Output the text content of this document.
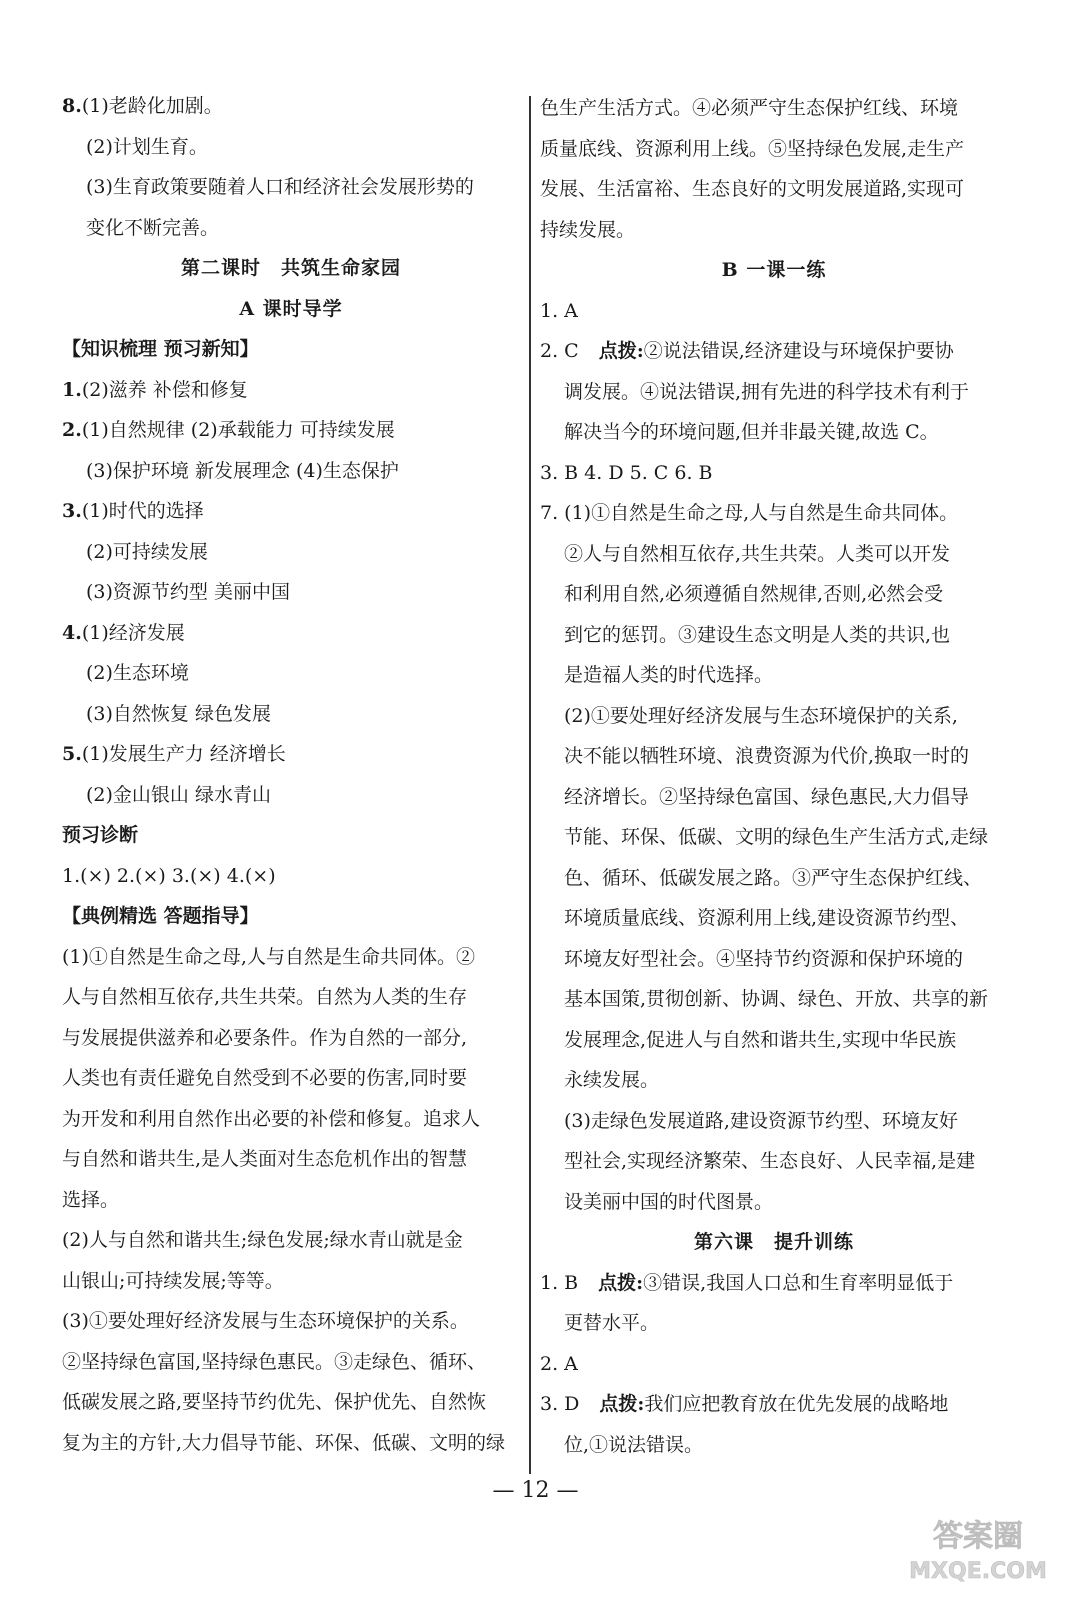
8.(1)老龄化加剧。

(2)计划生育。

(3)生育政策要随着人口和经济社会发展形势的

变化不断完善。

第二课时 共筑生命家园

A 课时导学

【知识梳理 预习新知】

1.(2)滋养 补偿和修复

2.(1)自然规律 (2)承载能力 可持续发展

(3)保护环境 新发展理念 (4)生态保护

3.(1)时代的选择

(2)可持续发展

(3)资源节约型 美丽中国

4.(1)经济发展

(2)生态环境

(3)自然恢复 绿色发展

5.(1)发展生产力 经济增长

(2)金山银山 绿水青山

预习诊断

1.(×) 2.(×) 3.(×) 4.(×)

【典例精选 答题指导】

(1)①自然是生命之母,人与自然是生命共同体。②

人与自然相互依存,共生共荣。自然为人类的生存

与发展提供滋养和必要条件。作为自然的一部分,

人类也有责任避免自然受到不必要的伤害,同时要

为开发和利用自然作出必要的补偿和修复。追求人

与自然和谐共生,是人类面对生态危机作出的智慧

选择。

(2)人与自然和谐共生;绿色发展;绿水青山就是金

山银山;可持续发展;等等。

(3)①要处理好经济发展与生态环境保护的关系。

②坚持绿色富国,坚持绿色惠民。③走绿色、循环、

低碳发展之路,要坚持节约优先、保护优先、自然恢

复为主的方针,大力倡导节能、环保、低碳、文明的绿

色生产生活方式。④必须严守生态保护红线、环境

质量底线、资源利用上线。⑤坚持绿色发展,走生产

发展、生活富裕、生态良好的文明发展道路,实现可

持续发展。

B 一课一练

1. A

2. C 点拨:②说法错误,经济建设与环境保护要协

调发展。④说法错误,拥有先进的科学技术有利于

解决当今的环境问题,但并非最关键,故选 C。

3. B 4. D 5. C 6. B

7. (1)①自然是生命之母,人与自然是生命共同体。

②人与自然相互依存,共生共荣。人类可以开发

和利用自然,必须遵循自然规律,否则,必然会受

到它的惩罚。③建设生态文明是人类的共识,也

是造福人类的时代选择。

(2)①要处理好经济发展与生态环境保护的关系,

决不能以牺牲环境、浪费资源为代价,换取一时的

经济增长。②坚持绿色富国、绿色惠民,大力倡导

节能、环保、低碳、文明的绿色生产生活方式,走绿

色、循环、低碳发展之路。③严守生态保护红线、

环境质量底线、资源利用上线,建设资源节约型、

环境友好型社会。④坚持节约资源和保护环境的

基本国策,贯彻创新、协调、绿色、开放、共享的新

发展理念,促进人与自然和谐共生,实现中华民族

永续发展。

(3)走绿色发展道路,建设资源节约型、环境友好

型社会,实现经济繁荣、生态良好、人民幸福,是建

设美丽中国的时代图景。

第六课 提升训练

1. B 点拨:③错误,我国人口总和生育率明显低于

更替水平。

2. A

3. D 点拨:我们应把教育放在优先发展的战略地

位,①说法错误。

— 12 —
答案圈
MXQE.COM
